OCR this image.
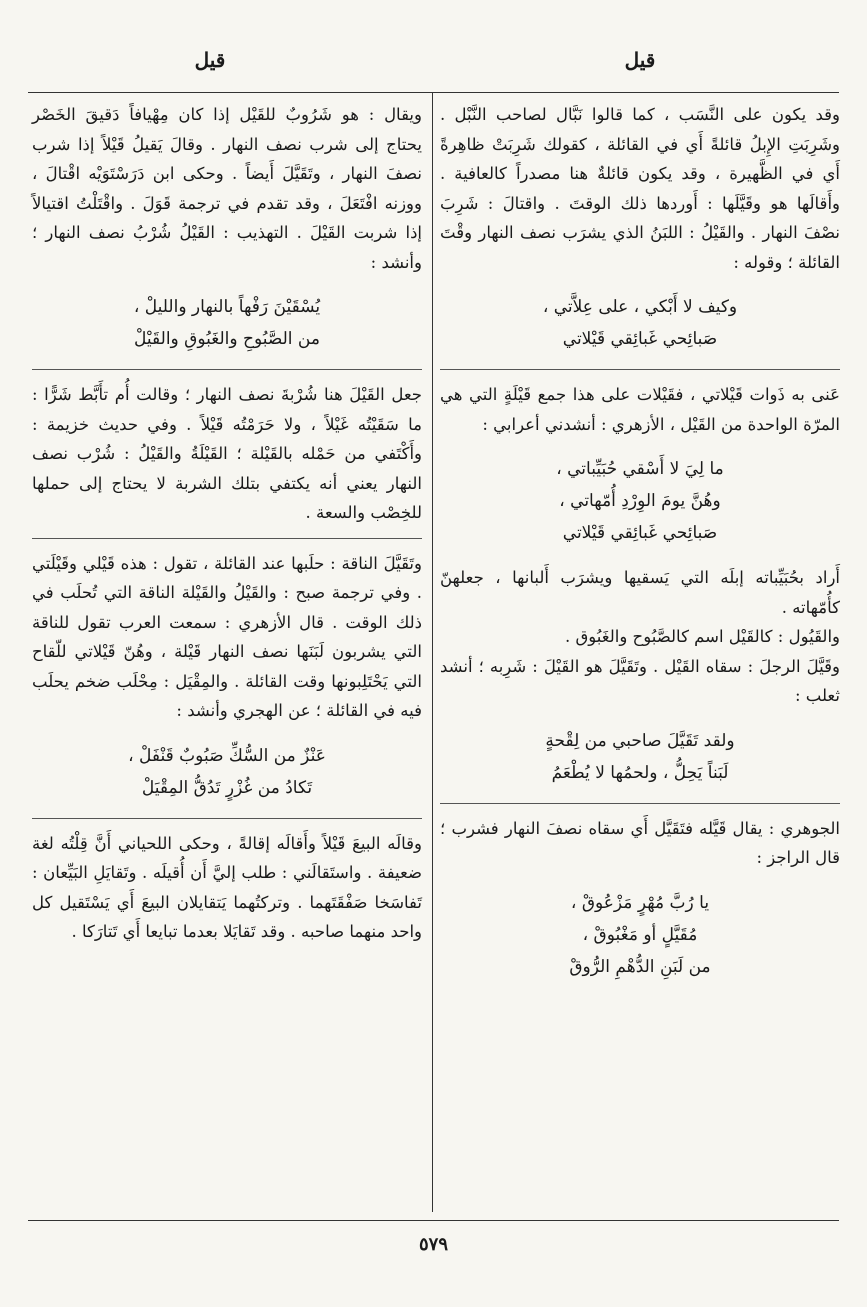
قيل
قيل

وقد يكون على النَّسَب ، كما قالوا نَبَّال لصاحب النَّبْل . وشَرِبَتِ الإِبلُ قائلةً أَي في القائلة ، كقولك شَرِبَتْ ظاهِرةً أَي في الظَّهيرة ، وقد يكون قائلةٌ هنا مصدراً كالعافية . وأَقالَها هو وقَيَّلَها : أَوردها ذلك الوقتَ . واقتالَ : شَرِبَ نصْفَ النهار . والقَيْلُ : اللبَنُ الذي يشرَب نصف النهار وقْتَ القائلة ؛ وقوله :

وكيف لا أَبْكي ، على عِلاَّتي ،
صَبائِحي غَبائِقي قَيْلاتي

عَنى به ذَوات قَيْلاتي ، فقَيْلات على هذا جمع قَيْلَةٍ التي هي المرّة الواحدة من القَيْل ، الأزهري : أنشدني أعرابي :

ما لِيَ لا أَسْقي حُبَيِّباتي ،
وهُنَّ يومَ الوِرْدِ أُمّهاتي ،
صَبائِحي غَبائِقي قَيْلاتي

أَراد بحُبَيِّباته إبلَه التي يَسقيها ويشرَب أَلبانها ، جعلهنّ كأُمّهاته .

والقَيُول : كالقَيْل اسم كالصَّبُوح والغَبُوق .

وقَيَّلَ الرجلَ : سقاه القَيْل . وتَقَيَّلَ هو القَيْلَ : شَرِبه ؛ أنشد ثعلب :

ولقد تَقَيَّلَ صاحبي من لِقْحةٍ
لَبَناً يَحِلُّ ، ولحمُها لا يُطْعَمُ

الجوهري : يقال قَيَّله فتَقَيَّل أَي سقاه نصفَ النهار فشرب ؛ قال الراجز :

يا رُبَّ مُهْرٍ مَزْعُوقْ ،
مُقَيَّلٍ أو مَغْبُوقْ ،
من لَبَنِ الدُّهْمِ الرُّوقْ

ويقال : هو شَرُوبٌ للقَيْل إذا كان مِهْيافاً دَقيقَ الخَصْر يحتاج إلى شرب نصف النهار . وقالَ يَقيلُ قَيْلاً إذا شرب نصفَ النهار ، وتَقَيَّلَ أَيضاً . وحكى ابن دَرَسْتَوَيْه اقْتالَ ، ووزنه افْتَعَلَ ، وقد تقدم في ترجمة قَوَلَ . واقْتَلْتُ اقتيالاً إذا شربت القَيْلَ . التهذيب : القَيْلُ شُرْبُ نصف النهار ؛ وأنشد :

يُسْقَيْنَ رَفْهاً بالنهار والليلْ ،
من الصَّبُوحِ والغَبُوقِ والقَيْلْ

جعل القَيْلَ هنا شُرْبةَ نصف النهار ؛ وقالت أُم تأَبَّط شَرًّا : ما سَقَيْتُه غَيْلاً ، ولا حَرَمْتُه قَيْلاً . وفي حديث خزيمة : وأَكْتَفي من حَمْله بالقَيْلة ؛ القَيْلَةُ والقَيْلُ : شُرْب نصف النهار يعني أنه يكتفي بتلك الشربة لا يحتاج إلى حملها للخِصْب والسعة .

وتَقَيَّلَ الناقة : حلَبها عند القائلة ، تقول : هذه قَيْلي وقَيْلَتي . وفي ترجمة صبح : والقَيْلُ والقَيْلة الناقة التي تُحلَب في ذلك الوقت . قال الأزهري : سمعت العرب تقول للناقة التي يشربون لَبَنَها نصف النهار قَيْلة ، وهُنّ قَيْلاتي للّقاح التي يَحْتَلِبونها وقت القائلة . والمِقْيَل : مِحْلَب ضخم يحلَب فيه في القائلة ؛ عن الهجري وأنشد :

عَنْزٌ من السُّكِّ صَبُوبٌ قَنْفَلْ ،
تَكادُ من غُزْرٍ تَدُقُّ المِقْيَلْ

وقالَه البيعَ قَيْلاً وأَقالَه إقالةً ، وحكى اللحياني أَنَّ قِلْتُه لغة ضعيفة . واستَقالَني : طلب إليَّ أَن أُقيلَه . وتَقايَلِ البَيِّعان : تَفاسَخا صَفْقَتَهما . وتركتُهما يَتقايلان البيعَ أَي يَسْتَقيل كل واحد منهما صاحبه . وقد تَقايَلا بعدما تبايعا أَي تَتارَكا .

٥٧٩
